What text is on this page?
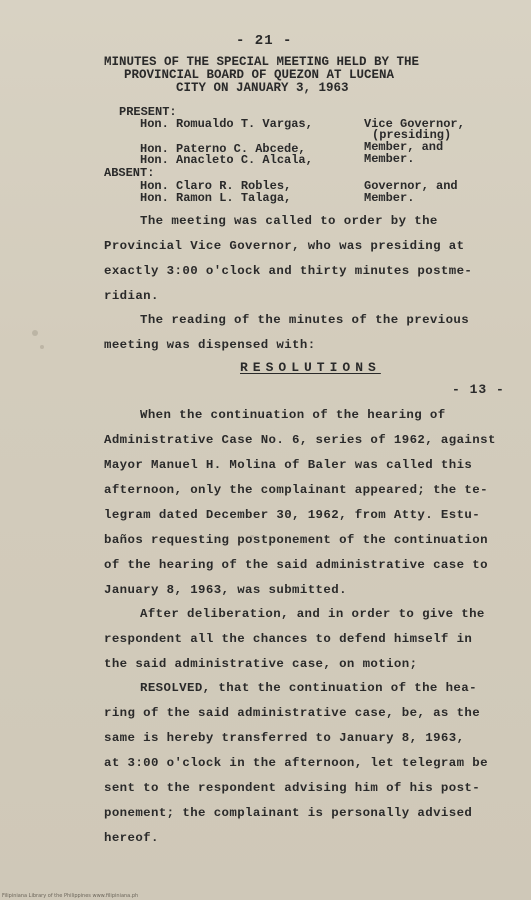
- 21 -
MINUTES OF THE SPECIAL MEETING HELD BY THE
PROVINCIAL BOARD OF QUEZON AT LUCENA
CITY ON JANUARY 3, 1963
PRESENT:
Hon. Romualdo T. Vargas,	Vice Governor,
(presiding)
Hon. Paterno C. Abcede,	Member, and
Hon. Anacleto C. Alcala,	Member.
ABSENT:
Hon. Claro R. Robles,	Governor, and
Hon. Ramon L. Talaga,	Member.
The meeting was called to order by the
Provincial Vice Governor, who was presiding at
exactly 3:00 o'clock and thirty minutes postme-
ridian.
The reading of the minutes of the previous
meeting was dispensed with:
RESOLUTIONS
- 13 -
When the continuation of the hearing of
Administrative Case No. 6, series of 1962, against
Mayor Manuel H. Molina of Baler was called this
afternoon, only the complainant appeared; the te-
legram dated December 30, 1962, from Atty. Estu-
baños requesting postponement of the continuation
of the hearing of the said administrative case to
January 8, 1963, was submitted.
After deliberation, and in order to give the
respondent all the chances to defend himself in
the said administrative case, on motion;
RESOLVED, that the continuation of the hea-
ring of the said administrative case, be, as the
same is hereby transferred to January 8, 1963,
at 3:00 o'clock in the afternoon, let telegram be
sent to the respondent advising him of his post-
ponement; the complainant is personally advised
hereof.
Filipiniana Library of the Philippines www.filipiniana.ph
